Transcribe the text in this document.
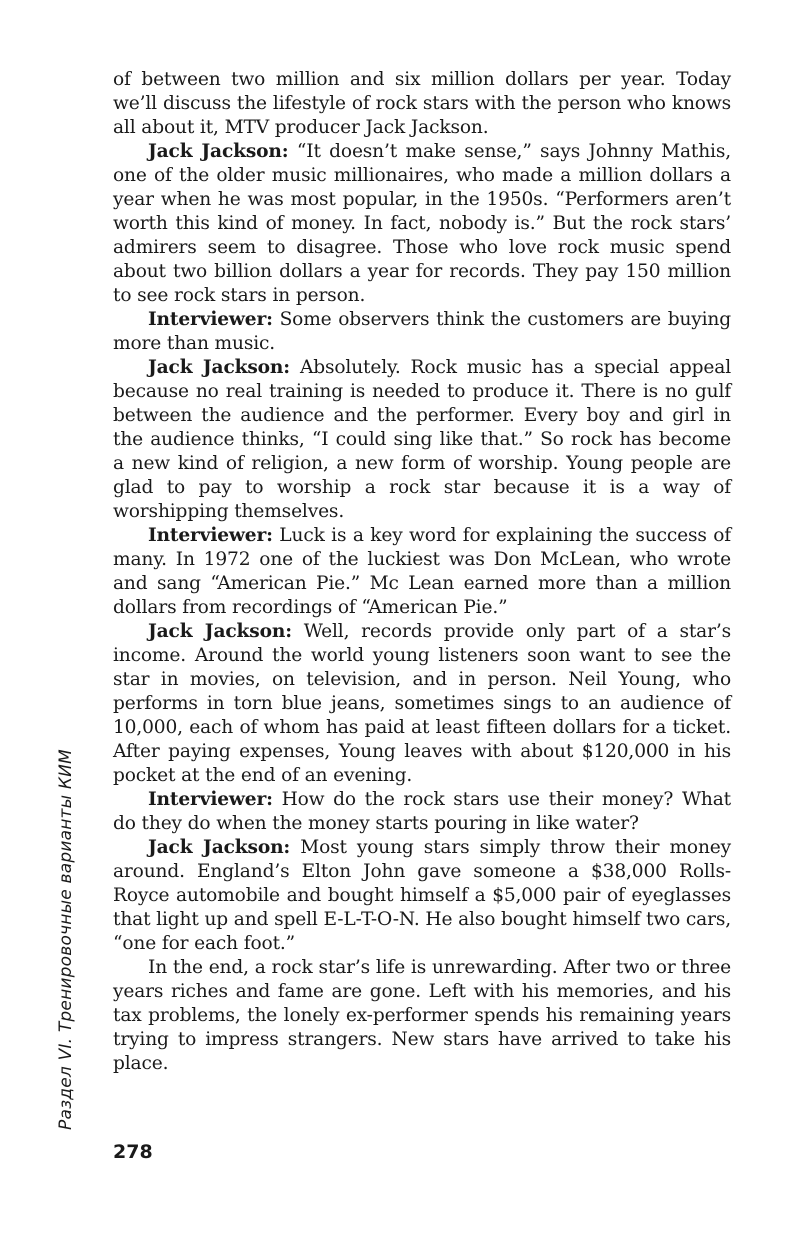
Раздел VI. Тренировочные варианты КИМ

of between two million and six million dollars per year. Today we’ll discuss the lifestyle of rock stars with the person who knows all about it, MTV producer Jack Jackson.

Jack Jackson: “It doesn’t make sense,” says Johnny Mathis, one of the older music millionaires, who made a million dollars a year when he was most popular, in the 1950s. “Performers aren’t worth this kind of money. In fact, nobody is.” But the rock stars’ admirers seem to disagree. Those who love rock music spend about two billion dollars a year for records. They pay 150 million to see rock stars in person.

Interviewer: Some observers think the customers are buying more than music.

Jack Jackson: Absolutely. Rock music has a special appeal because no real training is needed to produce it. There is no gulf between the audience and the performer. Every boy and girl in the audience thinks, “I could sing like that.” So rock has become a new kind of religion, a new form of worship. Young people are glad to pay to worship a rock star because it is a way of worshipping themselves.

Interviewer: Luck is a key word for explaining the success of many. In 1972 one of the luckiest was Don McLean, who wrote and sang “American Pie.” Mc Lean earned more than a million dollars from recordings of “American Pie.”

Jack Jackson: Well, records provide only part of a star’s income. Around the world young listeners soon want to see the star in movies, on television, and in person. Neil Young, who performs in torn blue jeans, sometimes sings to an audience of 10,000, each of whom has paid at least fifteen dollars for a ticket. After paying expenses, Young leaves with about $120,000 in his pocket at the end of an evening.

Interviewer: How do the rock stars use their money? What do they do when the money starts pouring in like water?

Jack Jackson: Most young stars simply throw their money around. England’s Elton John gave someone a $38,000 Rolls-Royce automobile and bought himself a $5,000 pair of eyeglasses that light up and spell E-L-T-O-N. He also bought himself two cars, “one for each foot.”

In the end, a rock star’s life is unrewarding. After two or three years riches and fame are gone. Left with his memories, and his tax problems, the lonely ex-performer spends his remaining years trying to impress strangers. New stars have arrived to take his place.

278
